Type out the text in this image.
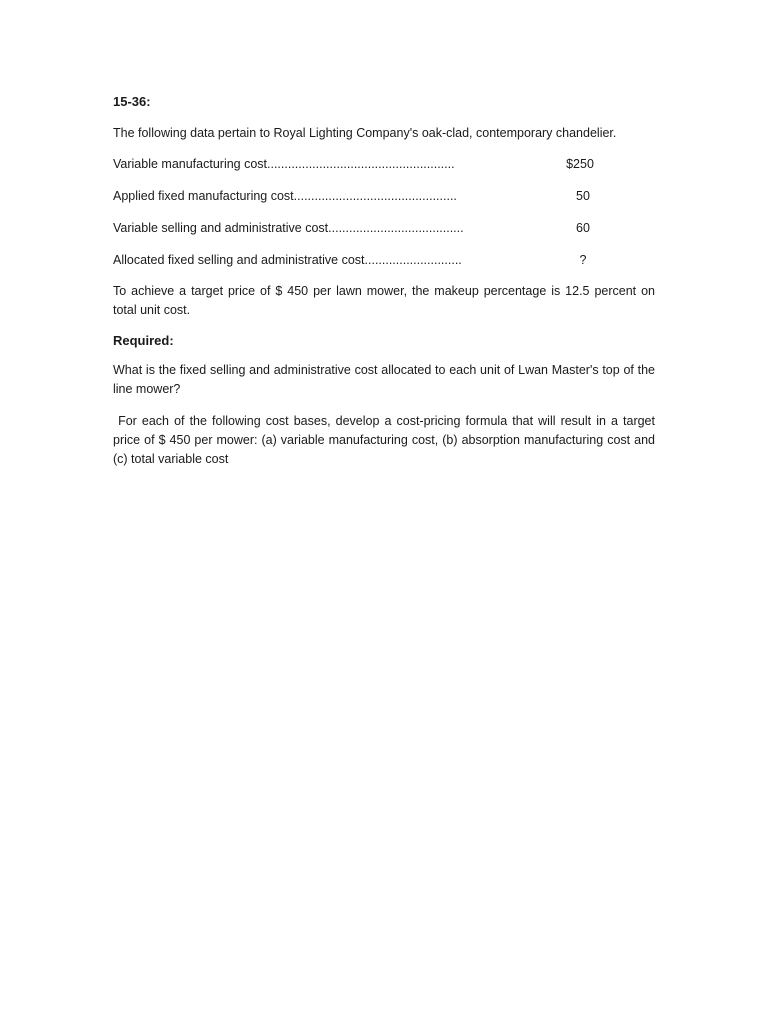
15-36:

The following data pertain to Royal Lighting Company's oak-clad, contemporary chandelier.

Variable manufacturing cost......................................................	$250
Applied fixed manufacturing cost...............................................	50
Variable selling and administrative cost.......................................	60
Allocated fixed selling and administrative cost............................	?

To achieve a target price of $ 450 per lawn mower, the makeup percentage is 12.5 percent on total unit cost.

Required:

What is the fixed selling and administrative cost allocated to each unit of Lwan Master's top of the line mower?

For each of the following cost bases, develop a cost-pricing formula that will result in a target price of $ 450 per mower: (a) variable manufacturing cost, (b) absorption manufacturing cost and (c) total variable cost
